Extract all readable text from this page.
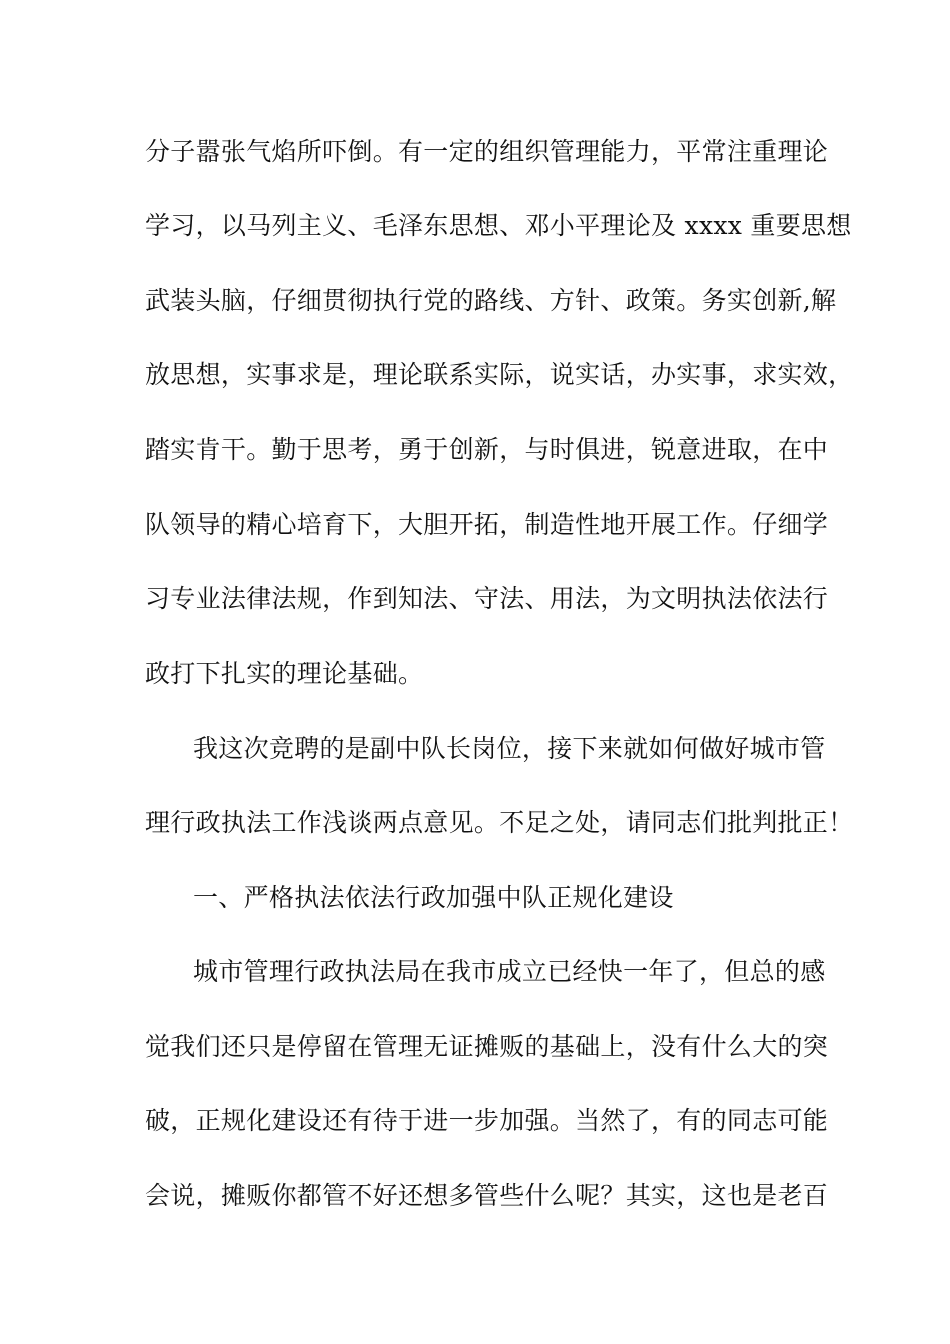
分子嚣张气焰所吓倒。有一定的组织管理能力，平常注重理论
学习，以马列主义、毛泽东思想、邓小平理论及 xxxx 重要思想
武装头脑，仔细贯彻执行党的路线、方针、政策。务实创新,解
放思想，实事求是，理论联系实际，说实话，办实事，求实效，
踏实肯干。勤于思考，勇于创新，与时俱进，锐意进取，在中
队领导的精心培育下，大胆开拓，制造性地开展工作。仔细学
习专业法律法规，作到知法、守法、用法，为文明执法依法行
政打下扎实的理论基础。
我这次竞聘的是副中队长岗位，接下来就如何做好城市管
理行政执法工作浅谈两点意见。不足之处，请同志们批判批正！
一、严格执法依法行政加强中队正规化建设
城市管理行政执法局在我市成立已经快一年了，但总的感
觉我们还只是停留在管理无证摊贩的基础上，没有什么大的突
破，正规化建设还有待于进一步加强。当然了，有的同志可能
会说，摊贩你都管不好还想多管些什么呢？其实，这也是老百
